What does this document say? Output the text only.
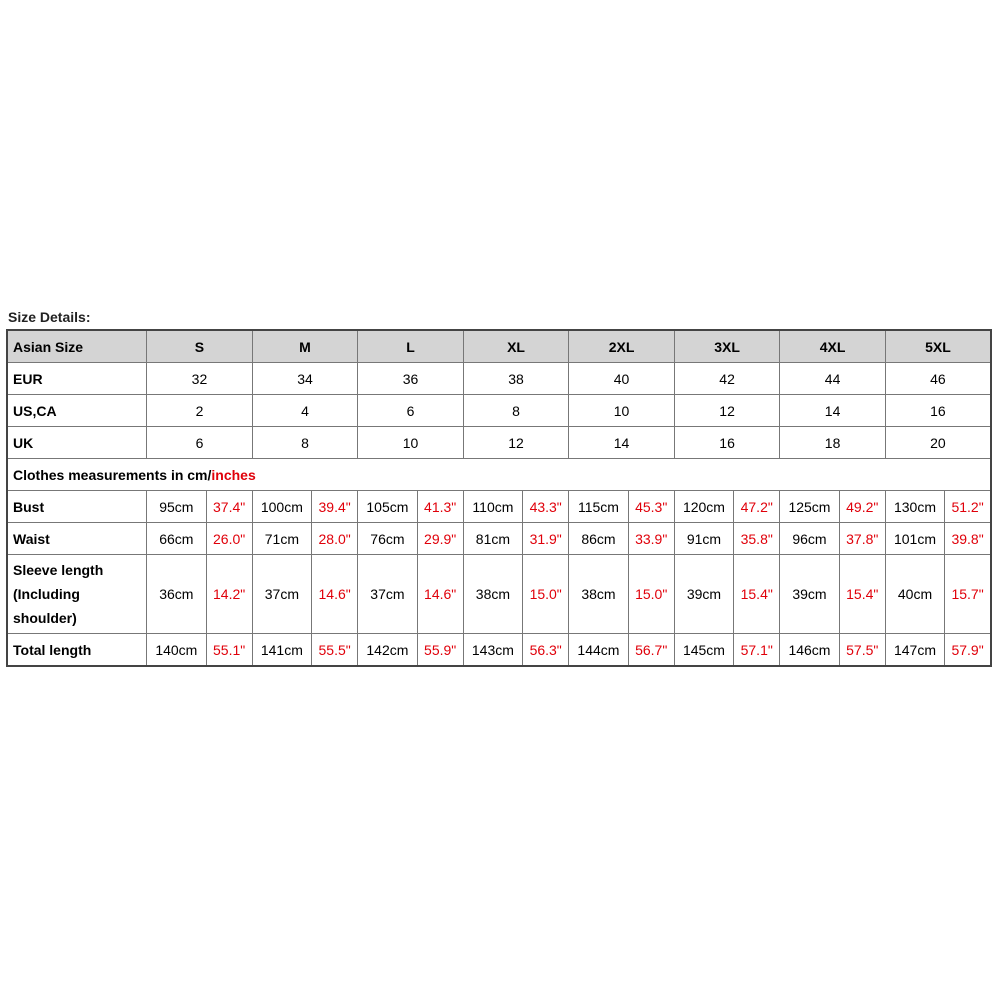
Size Details:
Asian Size	S		M		L		XL		2XL		3XL		4XL		5XL	
EUR	32		34		36		38		40		42		44		46	
US,CA	2		4		6		8		10		12		14		16	
UK	6		8		10		12		14		16		18		20	
Clothes measurements in cm/inches																
Bust	95cm	37.4"	100cm	39.4"	105cm	41.3"	110cm	43.3"	115cm	45.3"	120cm	47.2"	125cm	49.2"	130cm	51.2"
Waist	66cm	26.0"	71cm	28.0"	76cm	29.9"	81cm	31.9"	86cm	33.9"	91cm	35.8"	96cm	37.8"	101cm	39.8"
Sleeve length (Including shoulder)	36cm	14.2"	37cm	14.6"	37cm	14.6"	38cm	15.0"	38cm	15.0"	39cm	15.4"	39cm	15.4"	40cm	15.7"
Total length	140cm	55.1"	141cm	55.5"	142cm	55.9"	143cm	56.3"	144cm	56.7"	145cm	57.1"	146cm	57.5"	147cm	57.9"
